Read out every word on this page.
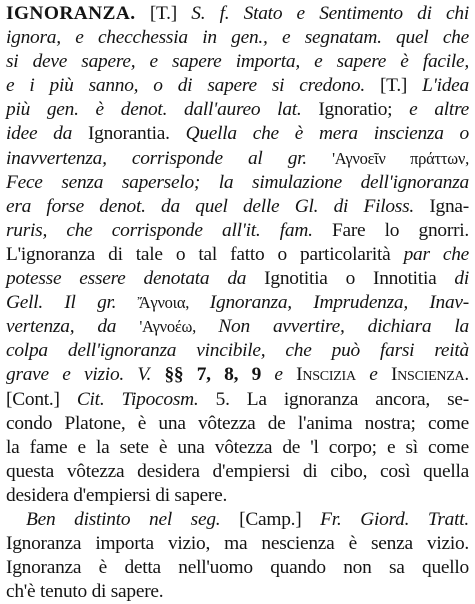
IGNORANZA. [T.] S. f. Stato e Sentimento di chi
ignora, e checchessia in gen., e segnatam. quel che
si deve sapere, e sapere importa, e sapere è facile,
e i più sanno, o di sapere si credono. [T.] L'idea
più gen. è denot. dall'aureo lat. Ignoratio; e altre
idee da Ignorantia. Quella che è mera inscienza o
inavvertenza, corrisponde al gr. 'Αγνοεῖν πράττων,
Fece senza saperselo; la simulazione dell'ignoranza
era forse denot. da quel delle Gl. di Filoss. Igna-
ruris, che corrisponde all'it. fam. Fare lo gnorri.
L'ignoranza di tale o tal fatto o particolarità par che
potesse essere denotata da Ignotitia o Innotitia di
Gell. Il gr. Ἄγνοια, Ignoranza, Imprudenza, Inav-
vertenza, da 'Αγνοέω, Non avvertire, dichiara la
colpa dell'ignoranza vincibile, che può farsi reità
grave e vizio. V. §§ 7, 8, 9 e Inscizia e Inscienza.
[Cont.] Cit. Tipocosm. 5. La ignoranza ancora, se-
condo Platone, è una vôtezza de l'anima nostra; come
la fame e la sete è una vôtezza de 'l corpo; e sì come
questa vôtezza desidera d'empiersi di cibo, così quella
desidera d'empiersi di sapere.
Ben distinto nel seg. [Camp.] Fr. Giord. Tratt.
Ignoranza importa vizio, ma nescienza è senza vizio.
Ignoranza è detta nell'uomo quando non sa quello
ch'è tenuto di sapere.
